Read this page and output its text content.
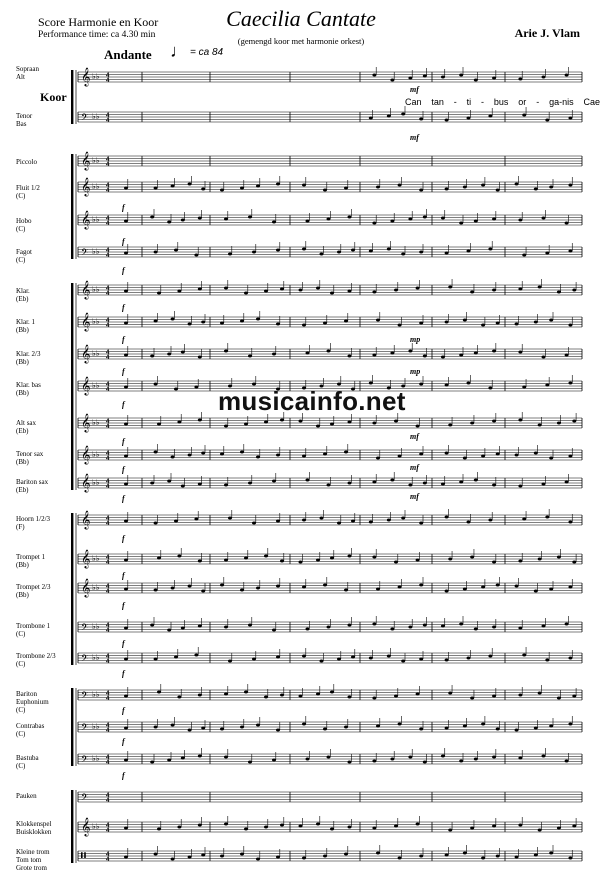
Score Harmonie en Koor
Performance time: ca 4.30 min
Caecilia Cantate
(gemengd koor met harmonie orkest)
Arie J. Vlam
Andante ♩ = ca 84
Koor
𝄞 ♭♭ 4
4
𝄢 ♭♭ 4
4
𝄞 ♭♭ 4
4
𝄞 ♭♭ 4
4
𝄞 ♭♭ 4
4
𝄢 ♭♭ 4
4
𝄞 ♭♭ 4
4
𝄞 ♭♭ 4
4
𝄞 ♭♭ 4
4
𝄞 ♭♭ 4
4
𝄞 ♭♭ 4
4
𝄞 ♭♭ 4
4
𝄞 ♭♭ 4
4
𝄞	4
4
𝄞 ♭♭ 4
4
𝄞 ♭♭ 4
4
𝄢 ♭♭ 4
4
𝄢 ♭♭ 4
4
𝄢 ♭♭ 4
4
𝄢 ♭♭ 4
4
𝄢 ♭♭ 4
4
𝄢	4
4
𝄞 ♭♭ 4
4
𝄥	4
4
f
f
f
f
f
f
f
f
f
f
f
f
f
f
f
f
f
f
mf
mf
mp
mp
mf
mf
mf
Sopraan
Alt
Tenor
Bas
Piccolo
Fluit 1/2
(C)
Hobo
(C)
Fagot
(C)
Klar.
(Eb)
Klar. 1
(Bb)
Klar. 2/3
(Bb)
Klar. bas
(Bb)
Alt sax
(Eb)
Tenor sax
(Bb)
Bariton sax
(Eb)
Hoorn 1/2/3
(F)
Trompet 1
(Bb)
Trompet 2/3
(Bb)
Trombone 1
(C)
Trombone 2/3
(C)
Bariton
Euphonium
(C)
Contrabas
(C)
Bastuba
(C)
Pauken
Klokkenspel
Buisklokken
Kleine trom
Tom tom
Grote trom
Can tan - ti - bus or - ga-nis Cae
musicainfo.net
